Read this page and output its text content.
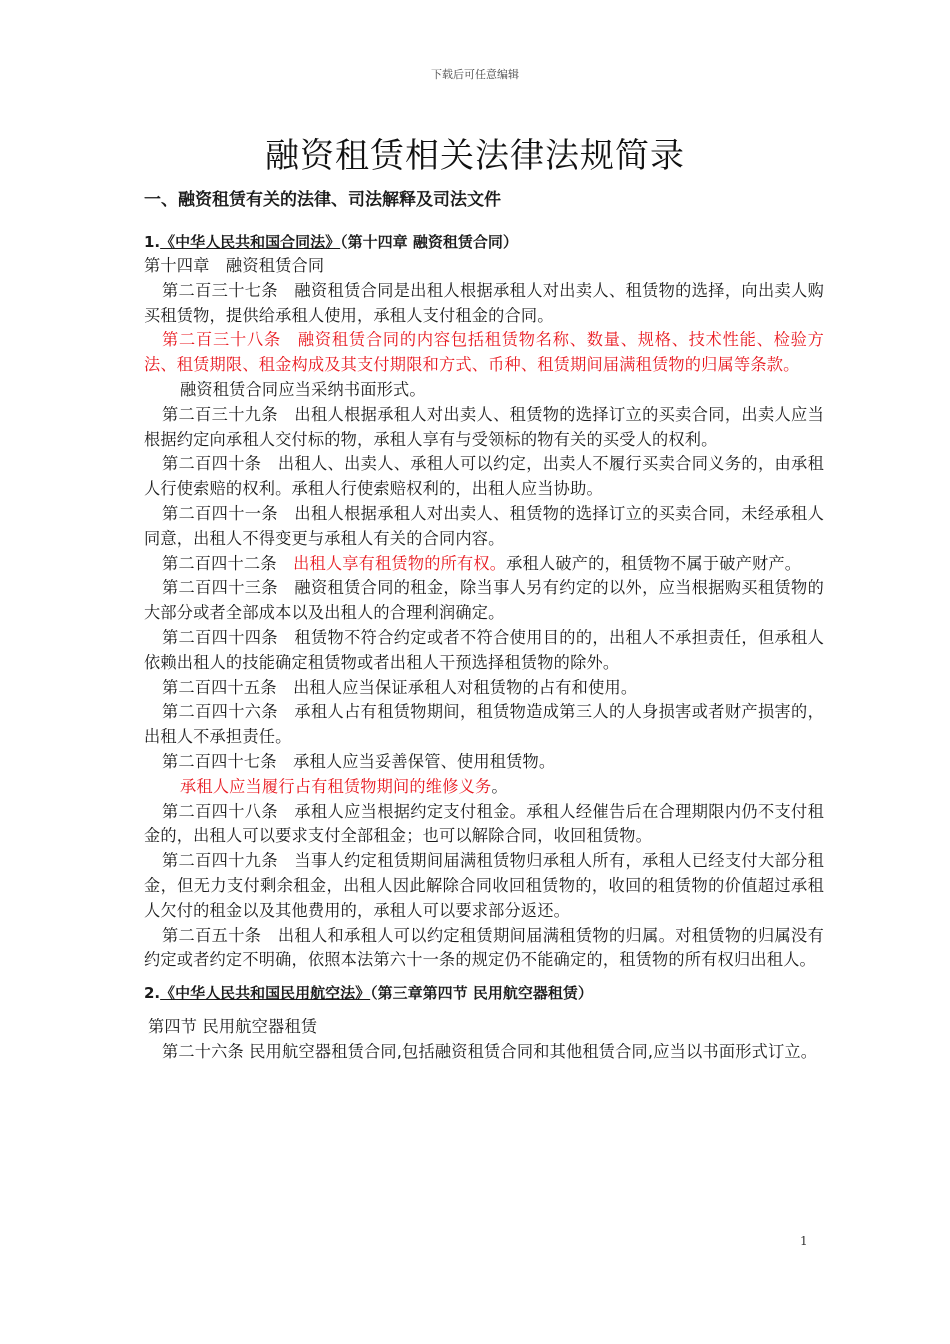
下载后可任意编辑
融资租赁相关法律法规简录
一、融资租赁有关的法律、司法解释及司法文件
1.《中华人民共和国合同法》（第十四章 融资租赁合同）
第十四章　融资租赁合同
第二百三十七条　融资租赁合同是出租人根据承租人对出卖人、租赁物的选择，向出卖人购买租赁物，提供给承租人使用，承租人支付租金的合同。
第二百三十八条　融资租赁合同的内容包括租赁物名称、数量、规格、技术性能、检验方法、租赁期限、租金构成及其支付期限和方式、币种、租赁期间届满租赁物的归属等条款。
融资租赁合同应当采纳书面形式。
第二百三十九条　出租人根据承租人对出卖人、租赁物的选择订立的买卖合同，出卖人应当根据约定向承租人交付标的物，承租人享有与受领标的物有关的买受人的权利。
第二百四十条　出租人、出卖人、承租人可以约定，出卖人不履行买卖合同义务的，由承租人行使索赔的权利。承租人行使索赔权利的，出租人应当协助。
第二百四十一条　出租人根据承租人对出卖人、租赁物的选择订立的买卖合同，未经承租人同意，出租人不得变更与承租人有关的合同内容。
第二百四十二条　出租人享有租赁物的所有权。承租人破产的，租赁物不属于破产财产。
第二百四十三条　融资租赁合同的租金，除当事人另有约定的以外，应当根据购买租赁物的大部分或者全部成本以及出租人的合理利润确定。
第二百四十四条　租赁物不符合约定或者不符合使用目的的，出租人不承担责任，但承租人依赖出租人的技能确定租赁物或者出租人干预选择租赁物的除外。
第二百四十五条　出租人应当保证承租人对租赁物的占有和使用。
第二百四十六条　承租人占有租赁物期间，租赁物造成第三人的人身损害或者财产损害的，出租人不承担责任。
第二百四十七条　承租人应当妥善保管、使用租赁物。
承租人应当履行占有租赁物期间的维修义务。
第二百四十八条　承租人应当根据约定支付租金。承租人经催告后在合理期限内仍不支付租金的，出租人可以要求支付全部租金；也可以解除合同，收回租赁物。
第二百四十九条　当事人约定租赁期间届满租赁物归承租人所有，承租人已经支付大部分租金，但无力支付剩余租金，出租人因此解除合同收回租赁物的，收回的租赁物的价值超过承租人欠付的租金以及其他费用的，承租人可以要求部分返还。
第二百五十条　出租人和承租人可以约定租赁期间届满租赁物的归属。对租赁物的归属没有约定或者约定不明确，依照本法第六十一条的规定仍不能确定的，租赁物的所有权归出租人。
2.《中华人民共和国民用航空法》（第三章第四节 民用航空器租赁）
第四节 民用航空器租赁
第二十六条 民用航空器租赁合同,包括融资租赁合同和其他租赁合同,应当以书面形式订立。
1
